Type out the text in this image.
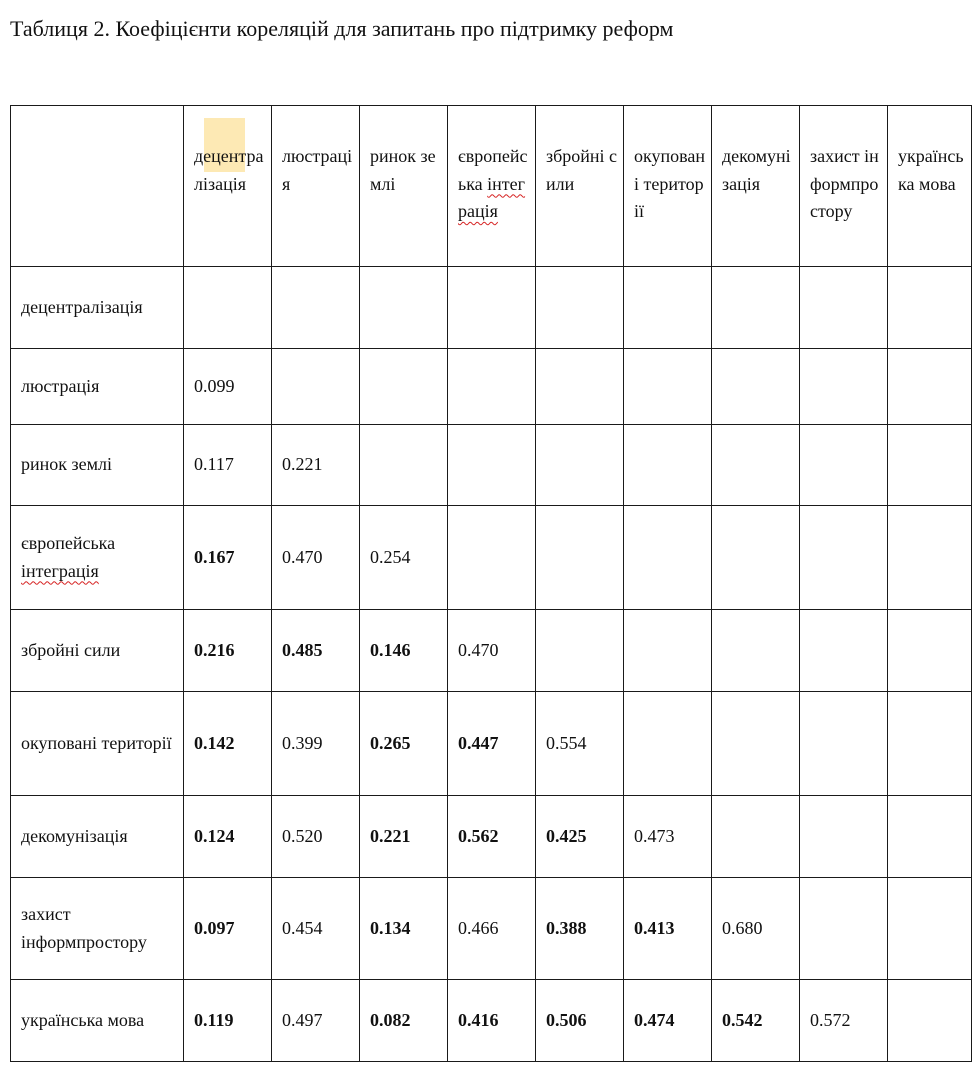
Таблиця 2. Коефіцієнти кореляцій для запитань про підтримку реформ
	децентралізація	люстрація	ринок землі	європейська інтеграція	збройні сили	окуповані території	декомунізація	захист інформпростору	українська мова
децентралізація									
люстрація	0.099								
ринок землі	0.117	0.221							
європейська інтеграція	0.167	0.470	0.254						
збройні сили	0.216	0.485	0.146	0.470					
окуповані території	0.142	0.399	0.265	0.447	0.554				
декомунізація	0.124	0.520	0.221	0.562	0.425	0.473			
захист інформпростору	0.097	0.454	0.134	0.466	0.388	0.413	0.680		
українська мова	0.119	0.497	0.082	0.416	0.506	0.474	0.542	0.572	
